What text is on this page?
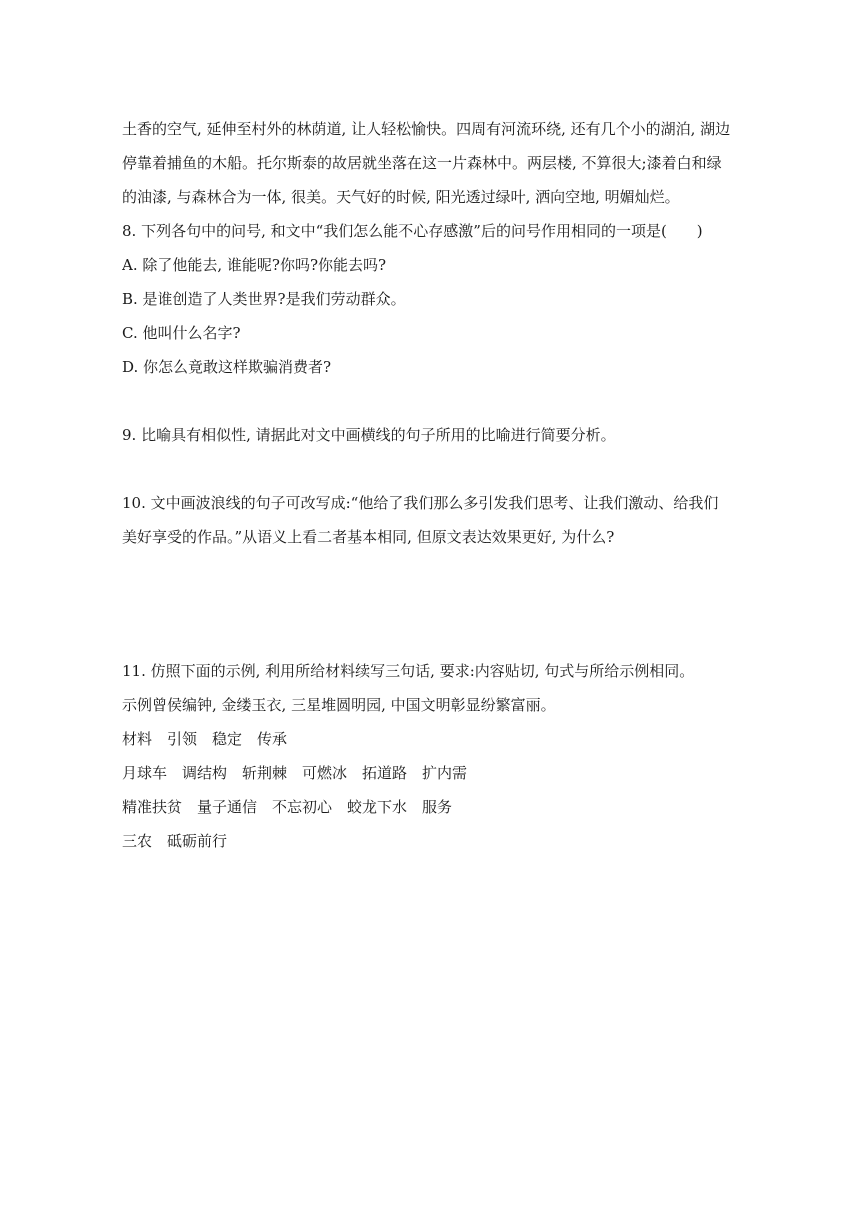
土香的空气, 延伸至村外的林荫道, 让人轻松愉快。四周有河流环绕, 还有几个小的湖泊, 湖边
停靠着捕鱼的木船。托尔斯泰的故居就坐落在这一片森林中。两层楼, 不算很大;漆着白和绿
的油漆, 与森林合为一体, 很美。天气好的时候, 阳光透过绿叶, 洒向空地, 明媚灿烂。
8. 下列各句中的问号, 和文中“我们怎么能不心存感激”后的问号作用相同的一项是(　　)
A. 除了他能去, 谁能呢?你吗?你能去吗?
B. 是谁创造了人类世界?是我们劳动群众。
C. 他叫什么名字?
D. 你怎么竟敢这样欺骗消费者?
9. 比喻具有相似性, 请据此对文中画横线的句子所用的比喻进行简要分析。
10. 文中画波浪线的句子可改写成:“他给了我们那么多引发我们思考、让我们激动、给我们
美好享受的作品。”从语义上看二者基本相同, 但原文表达效果更好, 为什么?
11. 仿照下面的示例, 利用所给材料续写三句话, 要求:内容贴切, 句式与所给示例相同。
示例曾侯编钟, 金缕玉衣, 三星堆圆明园, 中国文明彰显纷繁富丽。
材料　引领　稳定　传承
月球车　调结构　斩荆棘　可燃冰　拓道路　扩内需
精准扶贫　量子通信　不忘初心　蛟龙下水　服务
三农　砥砺前行
